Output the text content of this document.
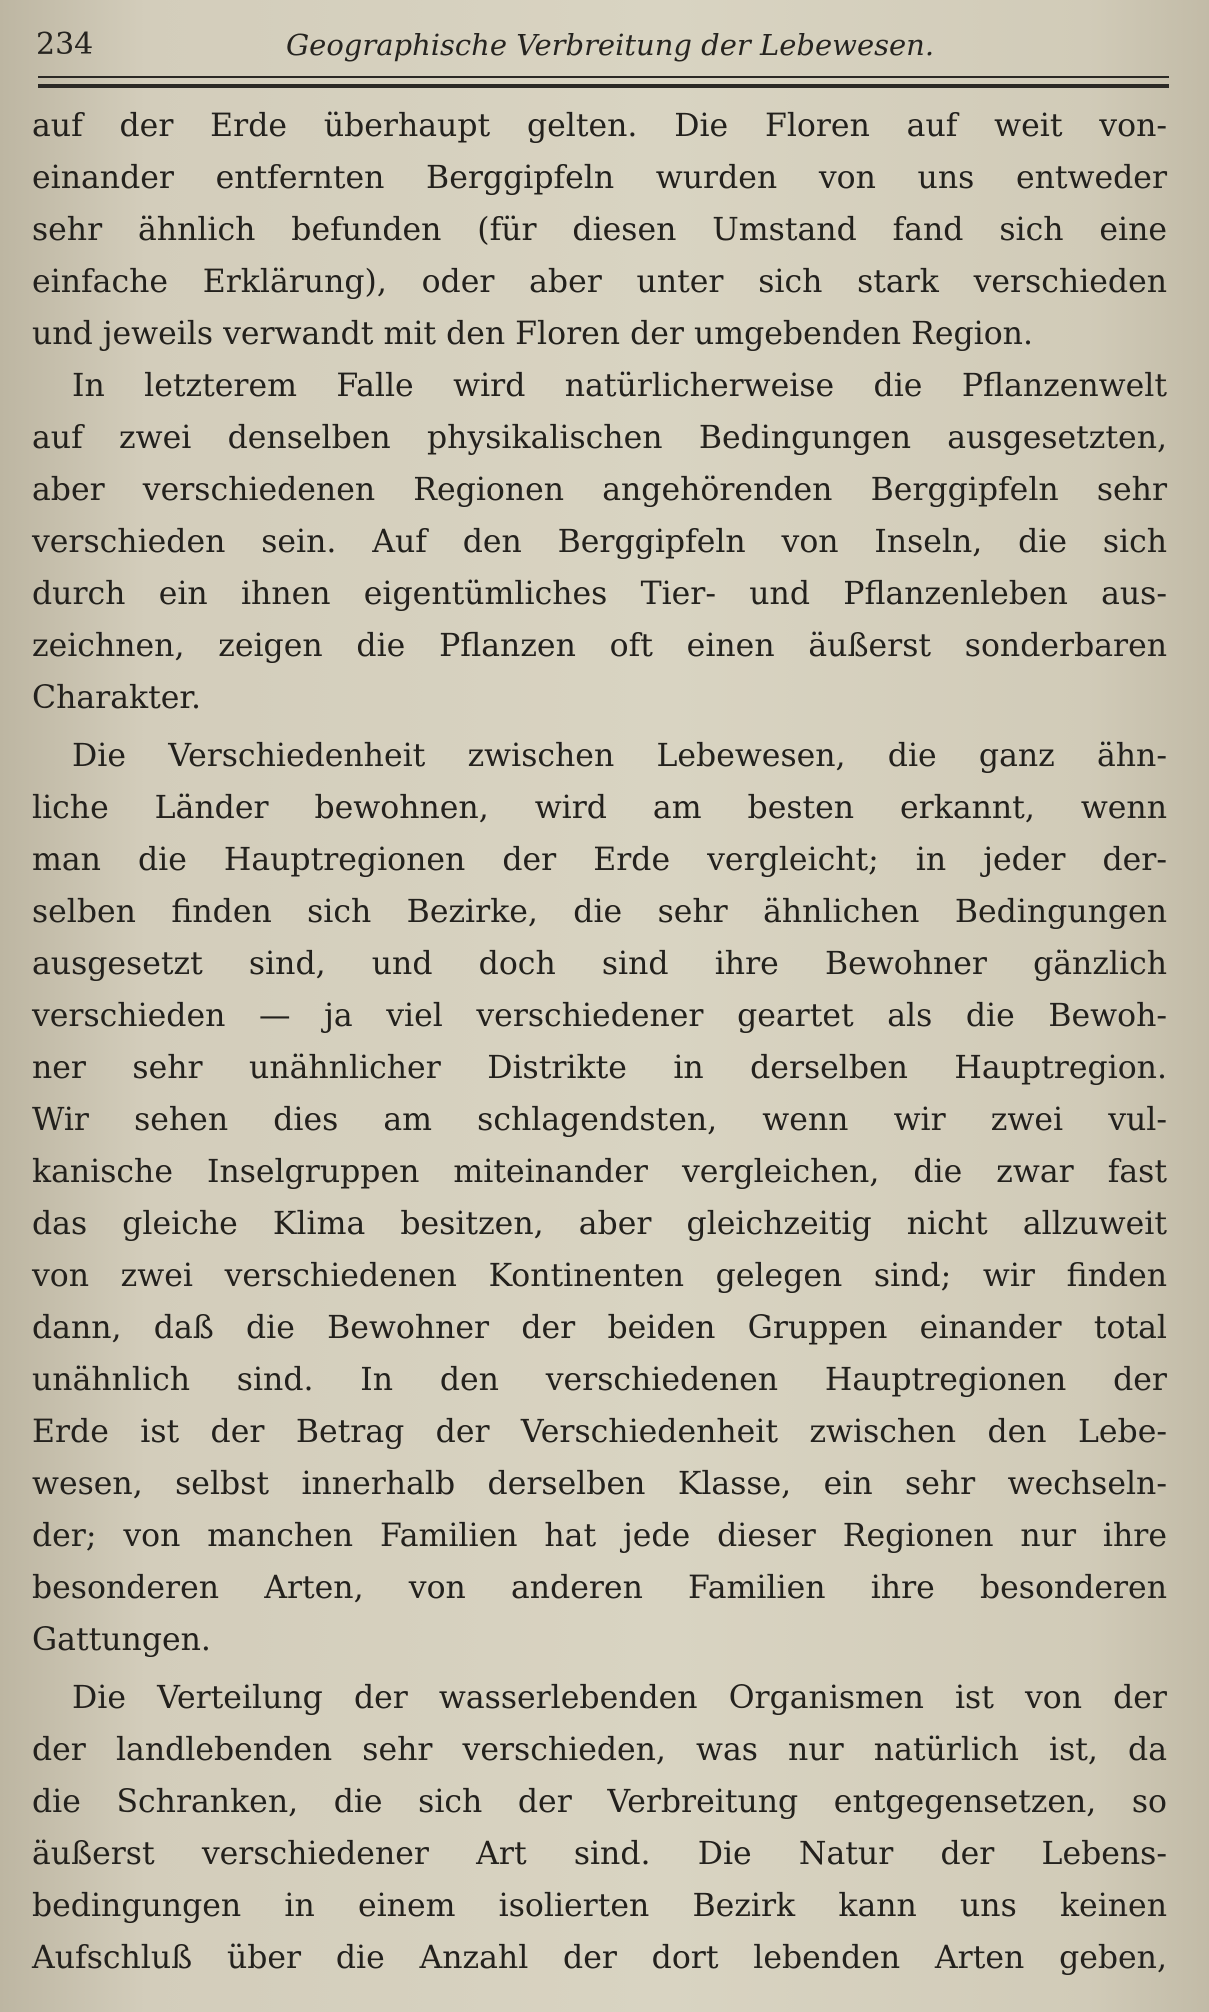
234	Geographische Verbreitung der Lebewesen.
auf der Erde überhaupt gelten. Die Floren auf weit von-
einander entfernten Berggipfeln wurden von uns entweder
sehr ähnlich befunden (für diesen Umstand fand sich eine
einfache Erklärung), oder aber unter sich stark verschieden
und jeweils verwandt mit den Floren der umgebenden Region.
In letzterem Falle wird natürlicherweise die Pflanzenwelt
auf zwei denselben physikalischen Bedingungen ausgesetzten,
aber verschiedenen Regionen angehörenden Berggipfeln sehr
verschieden sein. Auf den Berggipfeln von Inseln, die sich
durch ein ihnen eigentümliches Tier- und Pflanzenleben aus-
zeichnen, zeigen die Pflanzen oft einen äußerst sonderbaren
Charakter.
Die Verschiedenheit zwischen Lebewesen, die ganz ähn-
liche Länder bewohnen, wird am besten erkannt, wenn
man die Hauptregionen der Erde vergleicht; in jeder der-
selben finden sich Bezirke, die sehr ähnlichen Bedingungen
ausgesetzt sind, und doch sind ihre Bewohner gänzlich
verschieden — ja viel verschiedener geartet als die Bewoh-
ner sehr unähnlicher Distrikte in derselben Hauptregion.
Wir sehen dies am schlagendsten, wenn wir zwei vul-
kanische Inselgruppen miteinander vergleichen, die zwar fast
das gleiche Klima besitzen, aber gleichzeitig nicht allzuweit
von zwei verschiedenen Kontinenten gelegen sind; wir finden
dann, daß die Bewohner der beiden Gruppen einander total
unähnlich sind. In den verschiedenen Hauptregionen der
Erde ist der Betrag der Verschiedenheit zwischen den Lebe-
wesen, selbst innerhalb derselben Klasse, ein sehr wechseln-
der; von manchen Familien hat jede dieser Regionen nur ihre
besonderen Arten, von anderen Familien ihre besonderen
Gattungen.
Die Verteilung der wasserlebenden Organismen ist von der
der landlebenden sehr verschieden, was nur natürlich ist, da
die Schranken, die sich der Verbreitung entgegensetzen, so
äußerst verschiedener Art sind. Die Natur der Lebens-
bedingungen in einem isolierten Bezirk kann uns keinen
Aufschluß über die Anzahl der dort lebenden Arten geben,
